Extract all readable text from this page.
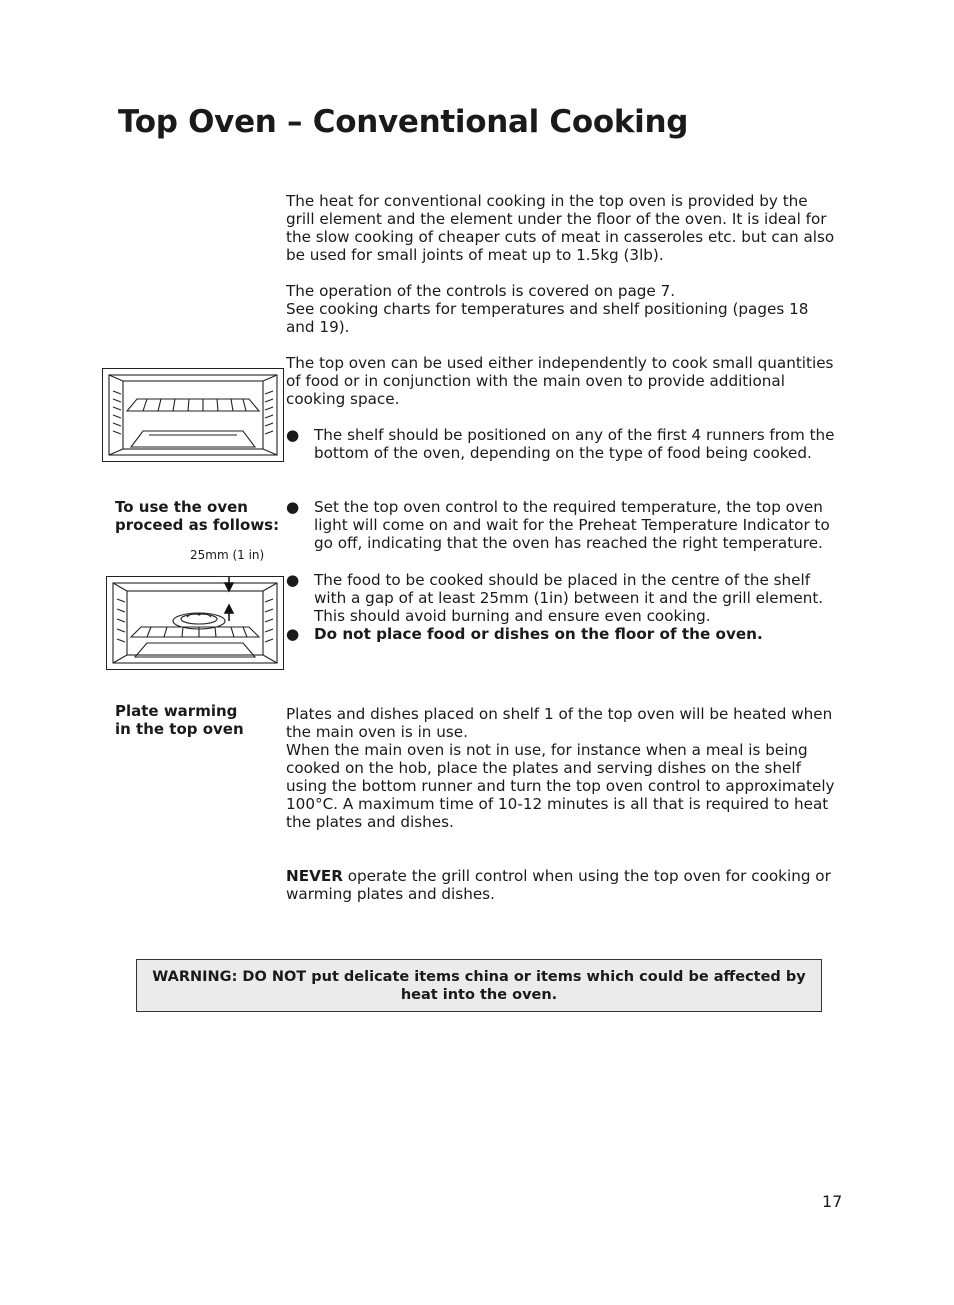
Top Oven – Conventional Cooking

The heat for conventional cooking in the top oven is provided by the grill element and the element under the floor of the oven. It is ideal for the slow cooking of cheaper cuts of meat in casseroles etc. but can also be used for small joints of meat up to 1.5kg (3lb).

The operation of the controls is covered on page 7.

See cooking charts for temperatures and shelf positioning (pages 18 and 19).

The top oven can be used either independently to cook small quantities of food or in conjunction with the main oven to provide additional cooking space.

● The shelf should be positioned on any of the first 4 runners from the bottom of the oven, depending on the type of food being cooked.
To use the oven
proceed as follows:
● Set the top oven control to the required temperature, the top oven light will come on and wait for the Preheat Temperature Indicator to go off, indicating that the oven has reached the right temperature.
● The food to be cooked should be placed in the centre of the shelf with a gap of at least 25mm (1in) between it and the grill element. This should avoid burning and ensure even cooking.
● Do not place food or dishes on the floor of the oven.
25mm (1 in)
Plate warming
in the top oven

Plates and dishes placed on shelf 1 of the top oven will be heated when the main oven is in use.

When the main oven is not in use, for instance when a meal is being cooked on the hob, place the plates and serving dishes on the shelf using the bottom runner and turn the top oven control to approximately 100°C. A maximum time of 10-12 minutes is all that is required to heat the plates and dishes.

NEVER operate the grill control when using the top oven for cooking or warming plates and dishes.

WARNING: DO NOT put delicate items china or items which could be affected by heat into the oven.
17
